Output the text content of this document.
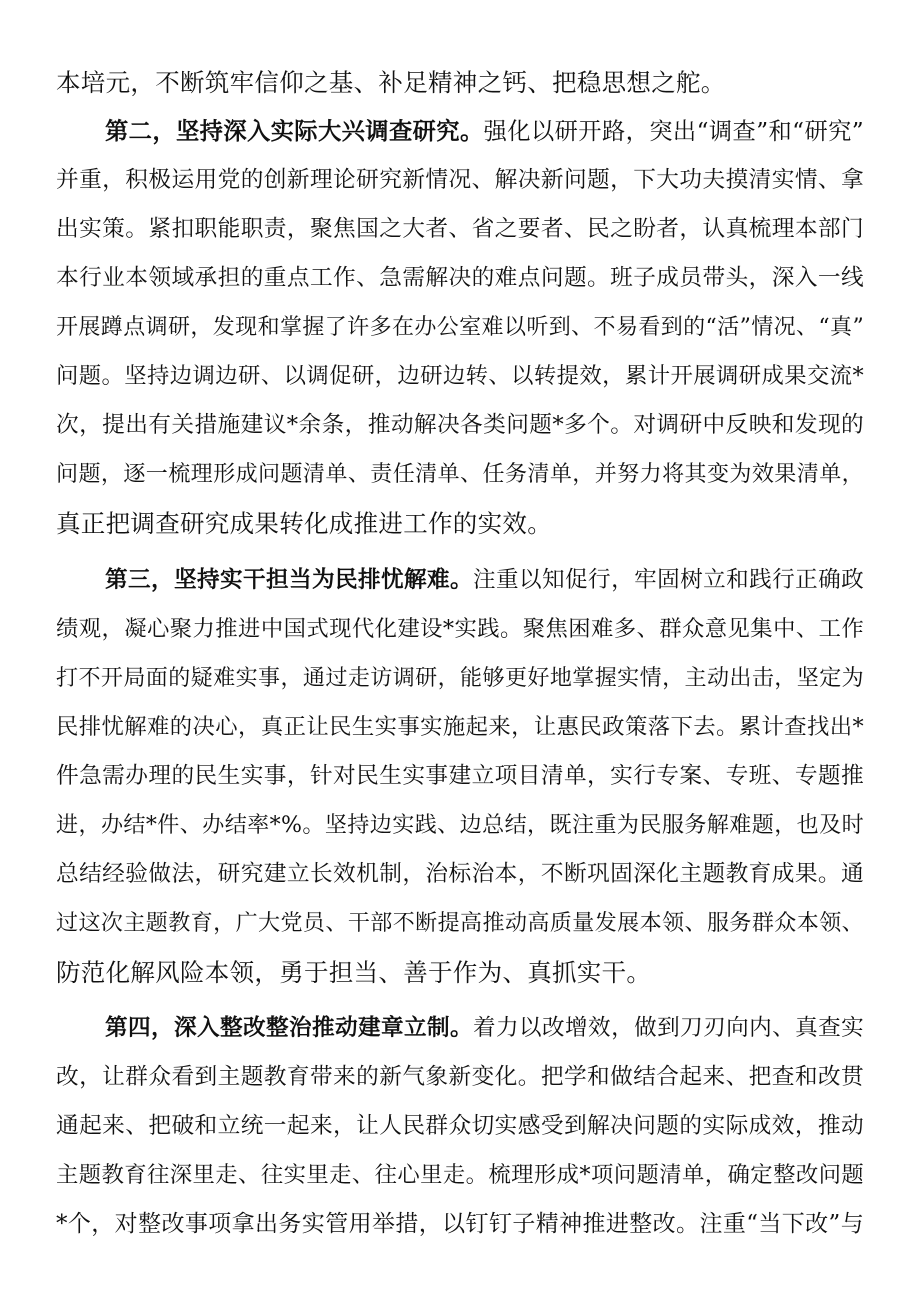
本培元，不断筑牢信仰之基、补足精神之钙、把稳思想之舵。
第二，坚持深入实际大兴调查研究。强化以研开路，突出“调查”和“研究”
并重，积极运用党的创新理论研究新情况、解决新问题，下大功夫摸清实情、拿
出实策。紧扣职能职责，聚焦国之大者、省之要者、民之盼者，认真梳理本部门
本行业本领域承担的重点工作、急需解决的难点问题。班子成员带头，深入一线
开展蹲点调研，发现和掌握了许多在办公室难以听到、不易看到的“活”情况、“真”
问题。坚持边调边研、以调促研，边研边转、以转提效，累计开展调研成果交流*
次，提出有关措施建议*余条，推动解决各类问题*多个。对调研中反映和发现的
问题，逐一梳理形成问题清单、责任清单、任务清单，并努力将其变为效果清单，
真正把调查研究成果转化成推进工作的实效。
第三，坚持实干担当为民排忧解难。注重以知促行，牢固树立和践行正确政
绩观，凝心聚力推进中国式现代化建设*实践。聚焦困难多、群众意见集中、工作
打不开局面的疑难实事，通过走访调研，能够更好地掌握实情，主动出击，坚定为
民排忧解难的决心，真正让民生实事实施起来，让惠民政策落下去。累计查找出*
件急需办理的民生实事，针对民生实事建立项目清单，实行专案、专班、专题推
进，办结*件、办结率*%。坚持边实践、边总结，既注重为民服务解难题，也及时
总结经验做法，研究建立长效机制，治标治本，不断巩固深化主题教育成果。通
过这次主题教育，广大党员、干部不断提高推动高质量发展本领、服务群众本领、
防范化解风险本领，勇于担当、善于作为、真抓实干。
第四，深入整改整治推动建章立制。着力以改增效，做到刀刃向内、真查实
改，让群众看到主题教育带来的新气象新变化。把学和做结合起来、把查和改贯
通起来、把破和立统一起来，让人民群众切实感受到解决问题的实际成效，推动
主题教育往深里走、往实里走、往心里走。梳理形成*项问题清单，确定整改问题
*个，对整改事项拿出务实管用举措，以钉钉子精神推进整改。注重“当下改”与
